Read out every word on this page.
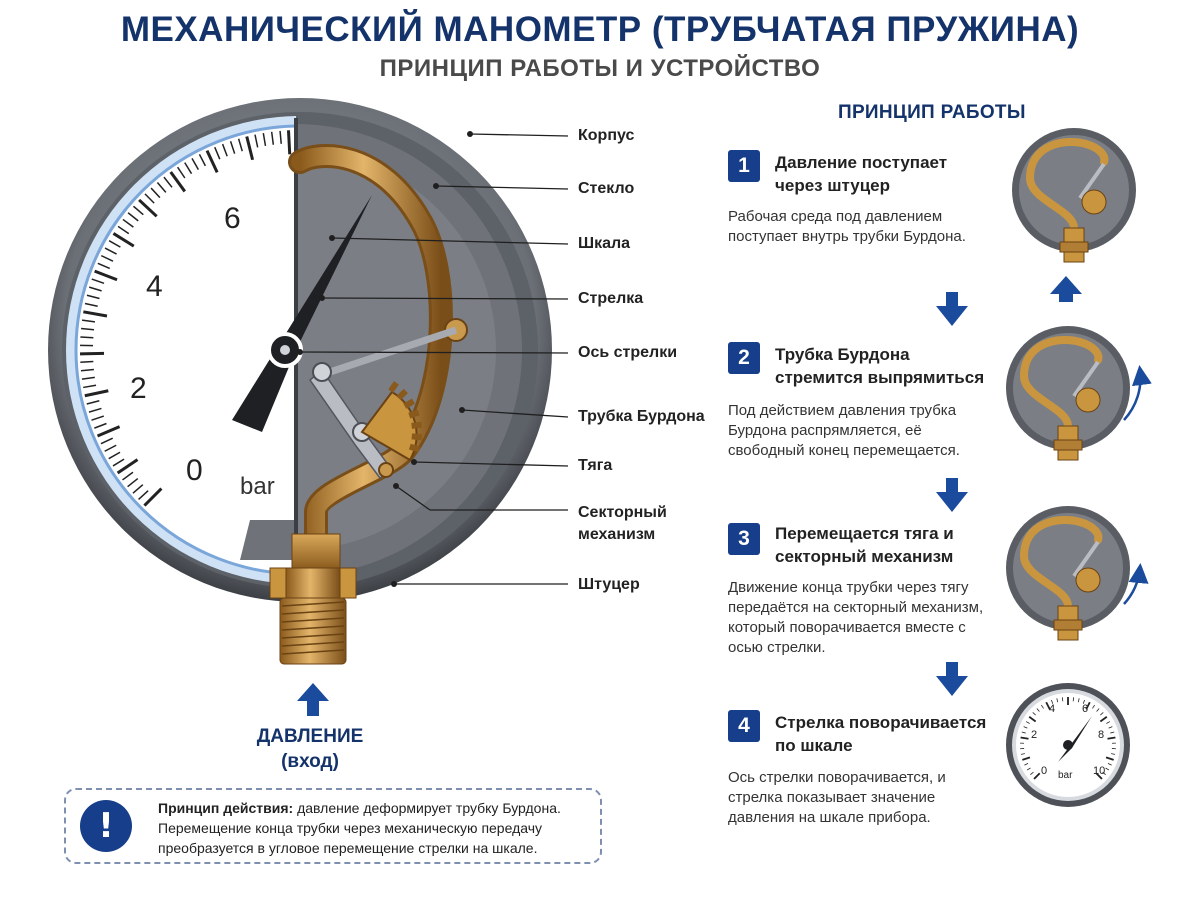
МЕХАНИЧЕСКИЙ МАНОМЕТР (ТРУБЧАТАЯ ПРУЖИНА)
ПРИНЦИП РАБОТЫ И УСТРОЙСТВО
0
2
4
6
bar
0
2
4 6
8
10
bar
Корпус
Стекло
Шкала
Стрелка
Ось стрелки
Трубка Бурдона
Тяга
Секторный механизм
Штуцер
ДАВЛЕНИЕ
(вход)
!	Принцип действия: давление деформирует трубку Бурдона. Перемещение конца трубки через механическую передачу преобразуется в угловое перемещение стрелки на шкале.
ПРИНЦИП РАБОТЫ
1	Давление поступает через штуцер
Рабочая среда под давлением поступает внутрь трубки Бурдона.
2	Трубка Бурдона стремится выпрямиться
Под действием давления трубка Бурдона распрямляется, её свободный конец перемещается.
3	Перемещается тяга и секторный механизм
Движение конца трубки через тягу передаётся на секторный механизм, который поворачивается вместе с осью стрелки.
4	Стрелка поворачивается по шкале
Ось стрелки поворачивается, и стрелка показывает значение давления на шкале прибора.
